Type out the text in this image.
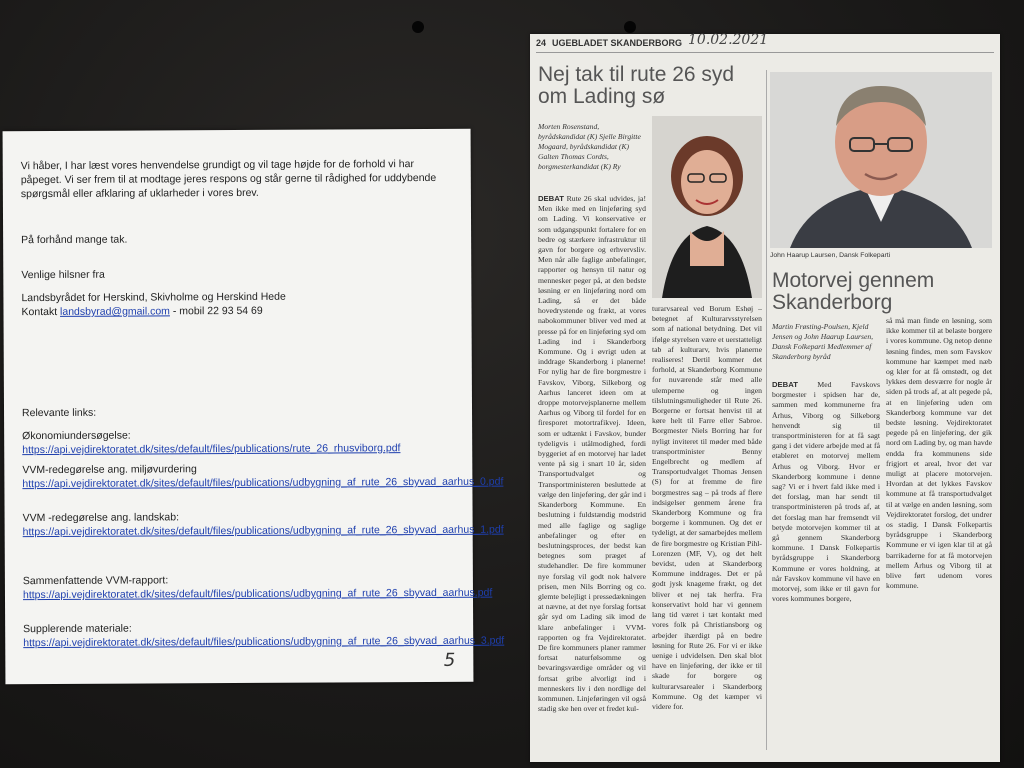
Vi håber, I har læst vores henvendelse grundigt og vil tage højde for de forhold vi har påpeget. Vi ser frem til at modtage jeres respons og står gerne til rådighed for uddybende spørgsmål eller afklaring af uklarheder i vores brev.

På forhånd mange tak.

Venlige hilsner fra

Landsbyrådet for Herskind, Skivholme og Herskind Hede

Kontakt landsbyrad@gmail.com - mobil 22 93 54 69

Relevante links:

Økonomiundersøgelse:

https://api.vejdirektoratet.dk/sites/default/files/publications/rute_26_rhusviborg.pdf

VVM-redegørelse ang. miljøvurdering

https://api.vejdirektoratet.dk/sites/default/files/publications/udbygning_af_rute_26_sbyvad_aarhus_0.pdf

VVM -redegørelse ang. landskab:

https://api.vejdirektoratet.dk/sites/default/files/publications/udbygning_af_rute_26_sbyvad_aarhus_1.pdf

Sammenfattende VVM-rapport:

https://api.vejdirektoratet.dk/sites/default/files/publications/udbygning_af_rute_26_sbyvad_aarhus.pdf

Supplerende materiale:

https://api.vejdirektoratet.dk/sites/default/files/publications/udbygning_af_rute_26_sbyvad_aarhus_3.pdf

5
24 UGEBLADET SKANDERBORG 10.02.2021
Nej tak til rute 26 syd om Lading sø
Morten Rosenstand, byrådskandidat (K) Sjelle Birgitte Mogaard, byrådskandidat (K) Galten Thomas Cordts, borgmesterkandidat (K) Ry
DEBAT Rute 26 skal udvides, ja! Men ikke med en linjeføring syd om Lading. Vi konservative er som udgangspunkt fortalere for en bedre og stærkere infrastruktur til gavn for borgere og erhvervsliv. Men når alle faglige anbefalinger, rapporter og hensyn til natur og mennesker peger på, at den bedste løsning er en linjeføring nord om Lading, så er det både hovedrystende og frækt, at vores nabokommuner bliver ved med at presse på for en linjeføring syd om Lading ind i Skanderborg Kommune. Og i øvrigt uden at inddrage Skanderborg i planerne! For nylig har de fire borgmestre i Favskov, Viborg, Silkeborg og Aarhus lanceret ideen om at droppe motorvejsplanerne mellem Aarhus og Viborg til fordel for en firesporet motortrafikvej. Ideen, som er udtænkt i Favskov, bunder tydeligvis i utålmodighed, fordi byggeriet af en motorvej har ladet vente på sig i snart 10 år, siden Transportudvalget og Transportministeren besluttede at vælge den linjeføring, der går ind i Skanderborg Kommune. En beslutning i fuldstændig modstrid med alle faglige og saglige anbefalinger og efter en beslutningsproces, der bedst kan betegnes som præget af studehandler. De fire kommuner nye forslag vil godt nok halvere prisen, men Nils Borring og co. glemte belejligt i pressedækningen at nævne, at det nye forslag fortsat går syd om Lading sik imod de klare anbefalinger i VVM-rapporten og fra Vejdirektoratet. De fire kommuners planer rammer fortsat naturfølsomme og bevaringsværdige områder og vil fortsat gribe alvorligt ind i menneskers liv i den nordlige del kommunen. Linjeføringen vil også stadig ske hen over et fredet kul-
turarvsareal ved Borum Eshøj – betegnet af Kulturarvsstyrelsen som af national betydning. Det vil ifølge styrelsen være et uerstatteligt tab af kulturarv, hvis planerne realiseres! Dertil kommer det forhold, at Skanderborg Kommune for nuværende står med alle ulemperne og ingen tilslutningsmuligheder til Rute 26. Borgerne er fortsat henvist til at køre helt til Farre eller Sabroe. Borgmester Niels Borring har for nyligt inviteret til møder med både transportminister Benny Engelbrecht og medlem af Transportudvalget Thomas Jensen (S) for at fremme de fire borgmestres sag – på trods af flere indsigelser genmem årene fra Skanderborg Kommune og fra borgerne i kommunen. Og det er tydeligt, at der samarbejdes mellem de fire borgmestre og Kristian Pihl-Lorenzen (MF, V), og det helt bevidst, uden at Skanderborg Kommune inddrages. Det er på godt jysk knageme frækt, og det bliver et nej tak herfra. Fra konservativt hold har vi gennem lang tid været i tæt kontakt med vores folk på Christiansborg og arbejder ihærdigt på en bedre løsning for Rute 26. For vi er ikke uenige i udvidelsen. Den skal blot have en linjeføring, der ikke er til skade for borgere og kulturarvsarealer i Skanderborg Kommune. Og det kæmper vi videre for.
John Haarup Laursen, Dansk Folkeparti
Motorvej gennem Skanderborg
Martin Frøsting-Poulsen, Kjeld Jensen og John Haarup Laursen, Dansk Folkeparti Medlemmer af Skanderborg byråd
DEBAT	Med Favskovs borgmester i spidsen har de, sammen med kommunerne fra Århus, Viborg og Silkeborg henvendt sig til transportministeren for at få sagt gang i det videre arbejde med at få etableret en motorvej mellem Århus og Viborg. Hvor er Skanderborg kommune i denne sag? Vi er i hvert fald ikke med i det forslag, man har sendt til transportministeren på trods af, at det forslag man har fremsendt vil betyde motorvejen kommer til at gå gennem Skanderborg kommune. I Dansk Folkepartis byrådsgruppe i Skanderborg Kommune er vores holdning, at når Favskov kommune vil have en motorvej, som ikke er til gavn for vores kommunes borgere,
så må man finde en løsning, som ikke kommer til at belaste borgere i vores kommune. Og netop denne løsning findes, men som Favskov kommune har kæmpet med næb og klør for at få omstødt, og det lykkes dem desværre for nogle år siden på trods af, at alt pegede på, at en linjeføring uden om Skanderborg kommune var det bedste løsning. Vejdirektoratet pegede på en linjeføring, der gik nord om Lading by, og man havde endda fra kommunens side frigjort et areal, hvor det var muligt at placere motorvejen. Hvordan at det lykkes Favskov kommune at få transportudvalget til at vælge en anden løsning, som Vejdirektoratet forslog, det undrer os stadig. I Dansk Folkepartis byrådsgruppe i Skanderborg Kommune er vi igen klar til at gå barrikaderne for at få motorvejen mellem Århus og Viborg til at blive ført udenom vores kommune.
